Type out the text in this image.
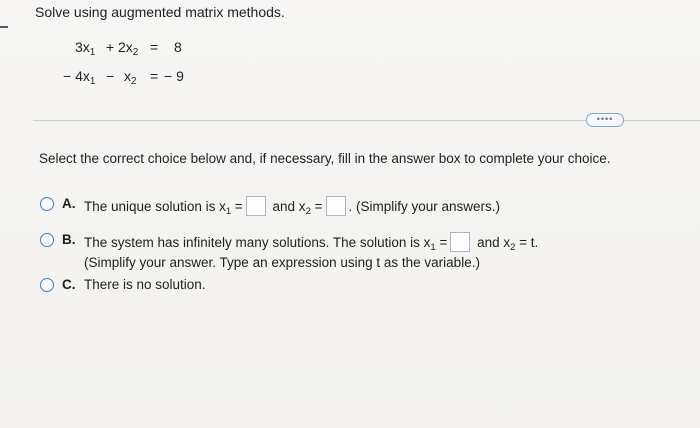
Solve using augmented matrix methods.
$3x_1 + 2x_2 = 8$
− $4x_1 - x_2$ = − 9
••••
Select the correct choice below and, if necessary, fill in the answer box to complete your choice.
A. The unique solution is $x_1$ = and $x_2$ = . (Simplify your answers.)
B. The system has infinitely many solutions. The solution is $x_1$ = and $x_2 = t$.
(Simplify your answer. Type an expression using t as the variable.)
C. There is no solution.
